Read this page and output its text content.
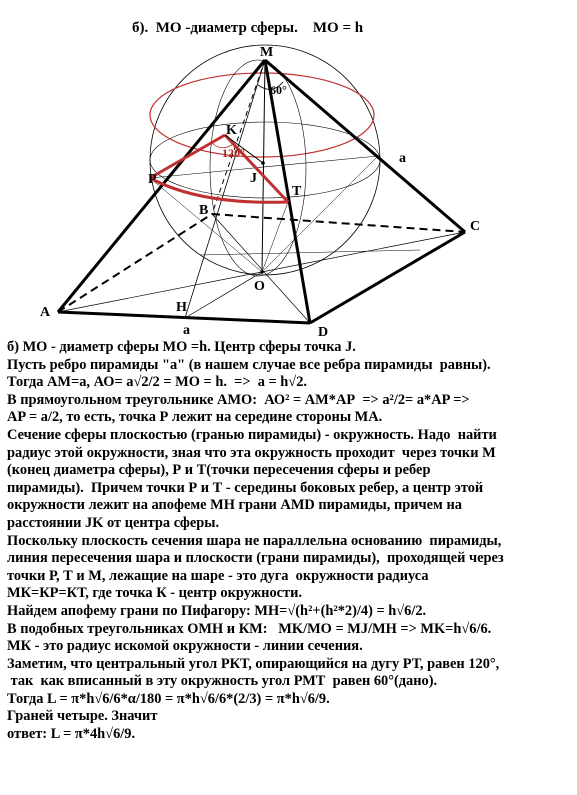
б).  МО -диаметр сферы.    МО = h
M
60°
K
120°
J
P
T
B
a
C
O
A	H
a	D
б) МО - диаметр сферы МО =h. Центр сферы точка J.
Пусть ребро пирамиды "a" (в нашем случае все ребра пирамиды  равны).
Тогда АМ=а, АО= а√2/2 = МО = h.  =>  a = h√2.
В прямоугольном треугольнике АМО:  АО² = АМ*АР  => a²/2= a*AP =>
AP = a/2, то есть, точка Р лежит на середине стороны МА.
Сечение сферы плоскостью (гранью пирамиды) - окружность. Надо  найти
радиус этой окружности, зная что эта окружность проходит  через точки М
(конец диаметра сферы), Р и Т(точки пересечения сферы и ребер
пирамиды).  Причем точки Р и Т - середины боковых ребер, а центр этой
окружности лежит на апофеме МН грани АМD пирамиды, причем на
расстоянии JK от центра сферы.
Поскольку плоскость сечения шара не параллельна основанию  пирамиды,
линия пересечения шара и плоскости (грани пирамиды),  проходящей через
точки Р, Т и М, лежащие на шаре - это дуга  окружности радиуса
МК=КР=КТ, где точка К - центр окружности.
Найдем апофему грани по Пифагору: МН=√(h²+(h²*2)/4) = h√6/2.
В подобных треугольниках ОМН и КМ:   MK/MO = MJ/MH => MK=h√6/6.
МК - это радиус искомой окружности - линии сечения.
Заметим, что центральный угол РКТ, опирающийся на дугу РТ, равен 120°,
так  как вписанный в эту окружность угол РМТ  равен 60°(дано).
Тогда L = π*h√6/6*α/180 = π*h√6/6*(2/3) = π*h√6/9.
Граней четыре. Значит
ответ: L = π*4h√6/9.
